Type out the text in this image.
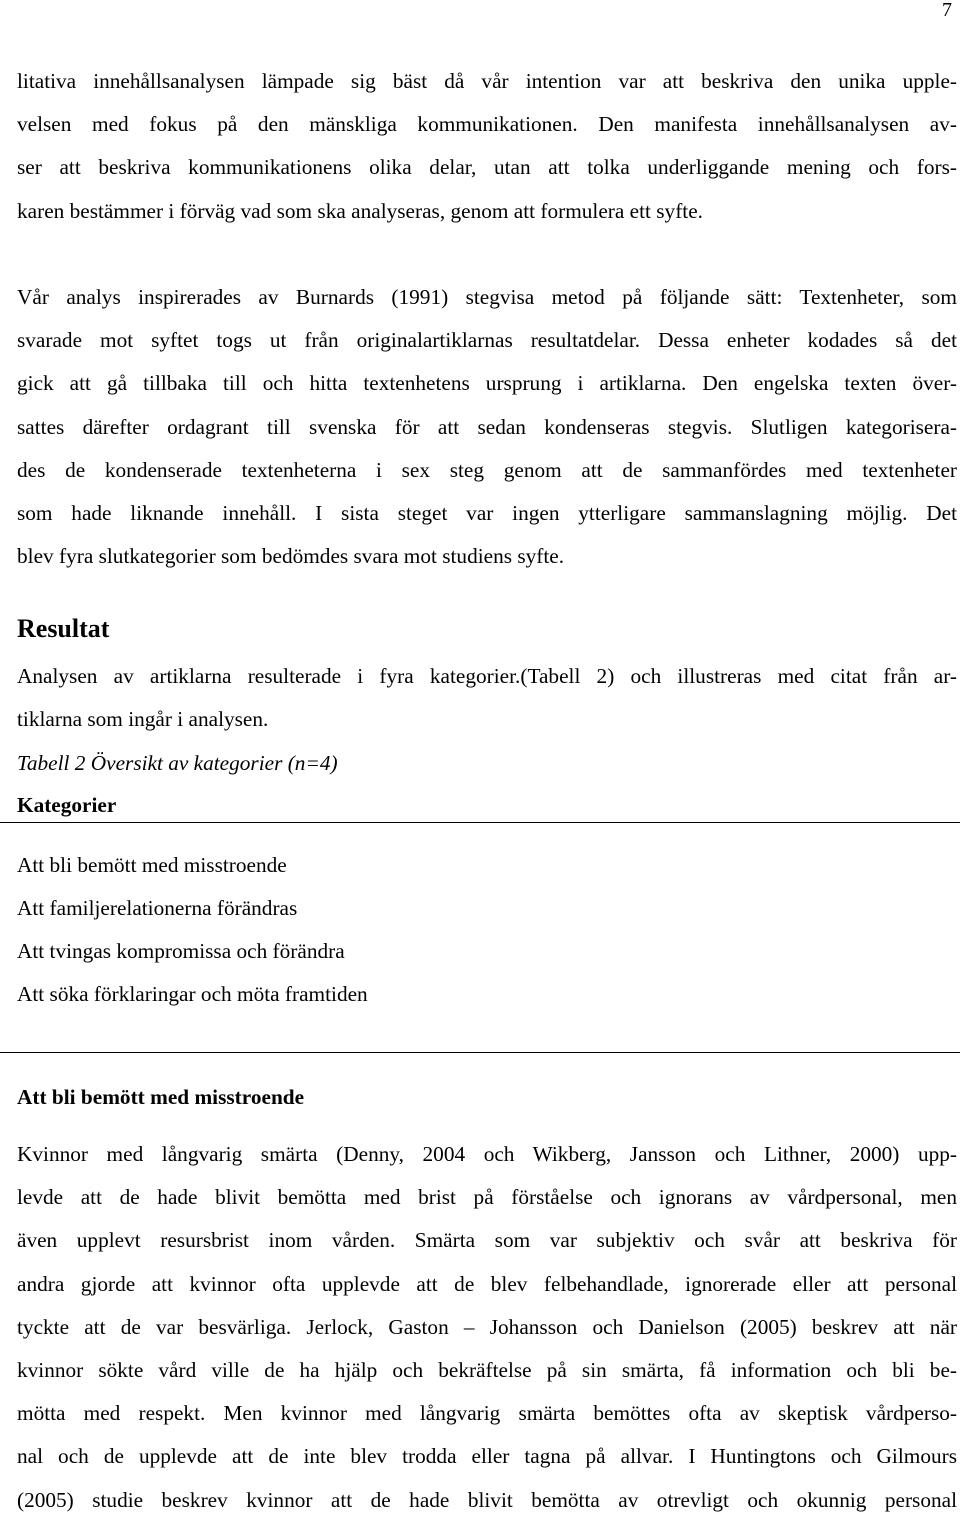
7
litativa innehållsanalysen lämpade sig bäst då vår intention var att beskriva den unika upple-
velsen med fokus på den mänskliga kommunikationen. Den manifesta innehållsanalysen av-
ser att beskriva kommunikationens olika delar, utan att tolka underliggande mening och fors-
karen bestämmer i förväg vad som ska analyseras, genom att formulera ett syfte.
Vår analys inspirerades av Burnards (1991) stegvisa metod på följande sätt: Textenheter, som
svarade mot syftet togs ut från originalartiklarnas resultatdelar. Dessa enheter kodades så det
gick att gå tillbaka till och hitta textenhetens ursprung i artiklarna. Den engelska texten över-
sattes därefter ordagrant till svenska för att sedan kondenseras stegvis. Slutligen kategorisera-
des de kondenserade textenheterna i sex steg genom att de sammanfördes med textenheter
som hade liknande innehåll. I sista steget var ingen ytterligare sammanslagning möjlig. Det
blev fyra slutkategorier som bedömdes svara mot studiens syfte.
Resultat
Analysen av artiklarna resulterade i fyra kategorier.(Tabell 2) och illustreras med citat från ar-
tiklarna som ingår i analysen.

Tabell 2 Översikt av kategorier (n=4)

Kategorier
Att bli bemött med misstroende
Att familjerelationerna förändras
Att tvingas kompromissa och förändra
Att söka förklaringar och möta framtiden
Att bli bemött med misstroende
Kvinnor med långvarig smärta (Denny, 2004 och Wikberg, Jansson och Lithner, 2000) upp-
levde att de hade blivit bemötta med brist på förståelse och ignorans av vårdpersonal, men
även upplevt resursbrist inom vården. Smärta som var subjektiv och svår att beskriva för
andra gjorde att kvinnor ofta upplevde att de blev felbehandlade, ignorerade eller att personal
tyckte att de var besvärliga. Jerlock, Gaston – Johansson och Danielson (2005) beskrev att när
kvinnor sökte vård ville de ha hjälp och bekräftelse på sin smärta, få information och bli be-
mötta med respekt. Men kvinnor med långvarig smärta bemöttes ofta av skeptisk vårdperso-
nal och de upplevde att de inte blev trodda eller tagna på allvar. I Huntingtons och Gilmours
(2005) studie beskrev kvinnor att de hade blivit bemötta av otrevligt och okunnig personal
